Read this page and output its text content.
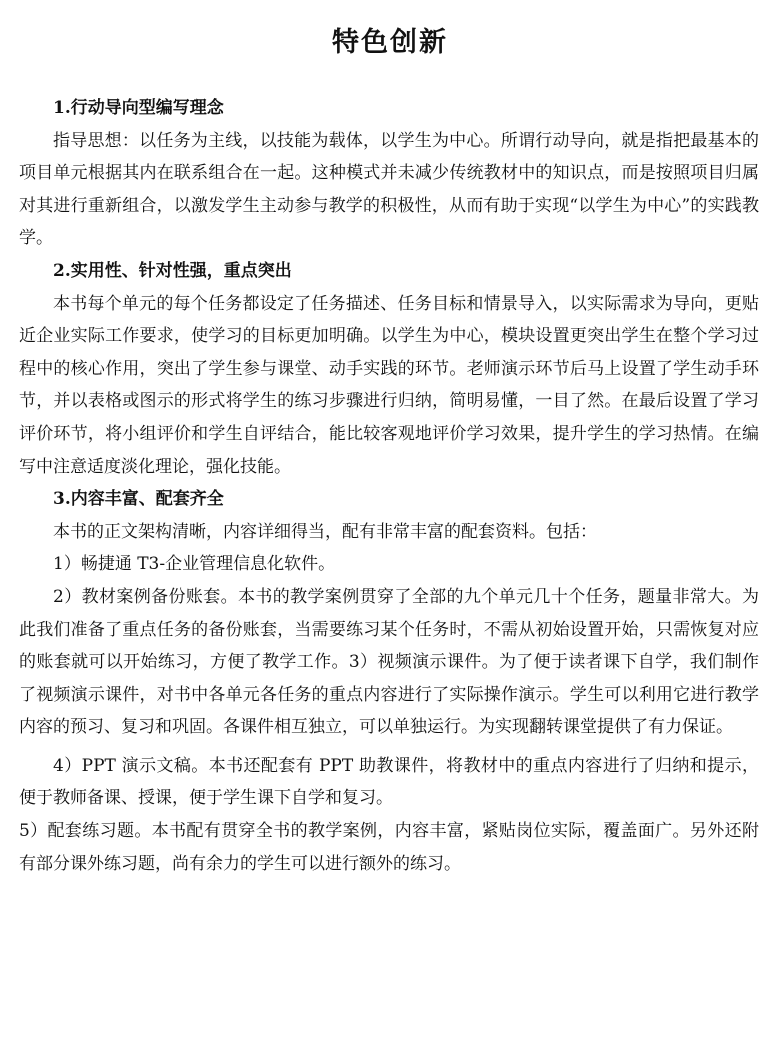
特色创新
1.行动导向型编写理念

指导思想：以任务为主线，以技能为载体，以学生为中心。所谓行动导向，就是指把最基本的项目单元根据其内在联系组合在一起。这种模式并未减少传统教材中的知识点，而是按照项目归属对其进行重新组合，以激发学生主动参与教学的积极性，从而有助于实现“以学生为中心”的实践教学。

2.实用性、针对性强，重点突出

本书每个单元的每个任务都设定了任务描述、任务目标和情景导入，以实际需求为导向，更贴近企业实际工作要求，使学习的目标更加明确。以学生为中心，模块设置更突出学生在整个学习过程中的核心作用，突出了学生参与课堂、动手实践的环节。老师演示环节后马上设置了学生动手环节，并以表格或图示的形式将学生的练习步骤进行归纳，简明易懂，一目了然。在最后设置了学习评价环节，将小组评价和学生自评结合，能比较客观地评价学习效果，提升学生的学习热情。在编写中注意适度淡化理论，强化技能。

3.内容丰富、配套齐全

本书的正文架构清晰，内容详细得当，配有非常丰富的配套资料。包括：

1）畅捷通 T3-企业管理信息化软件。

2）教材案例备份账套。本书的教学案例贯穿了全部的九个单元几十个任务，题量非常大。为此我们准备了重点任务的备份账套，当需要练习某个任务时，不需从初始设置开始，只需恢复对应的账套就可以开始练习，方便了教学工作。3）视频演示课件。为了便于读者课下自学，我们制作了视频演示课件，对书中各单元各任务的重点内容进行了实际操作演示。学生可以利用它进行教学内容的预习、复习和巩固。各课件相互独立，可以单独运行。为实现翻转课堂提供了有力保证。

4）PPT 演示文稿。本书还配套有 PPT 助教课件，将教材中的重点内容进行了归纳和提示，便于教师备课、授课，便于学生课下自学和复习。

5）配套练习题。本书配有贯穿全书的教学案例，内容丰富，紧贴岗位实际，覆盖面广。另外还附有部分课外练习题，尚有余力的学生可以进行额外的练习。
